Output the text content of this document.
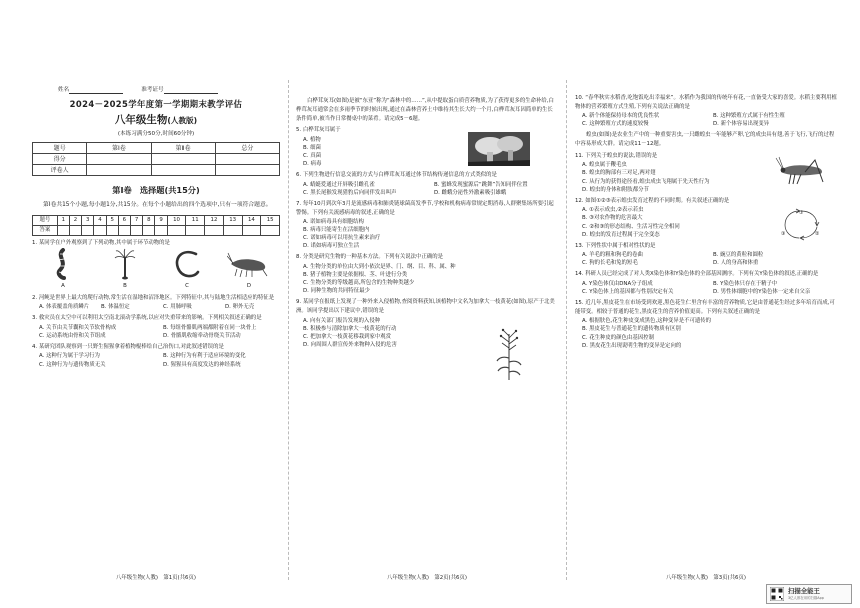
姓名	准考证号
2024－2025学年度第一学期期末教学评估
八年级生物(人教版)
(本练习满分50分,时间60分钟)
题号	第Ⅰ卷	第Ⅱ卷	总分
得分			
评卷人			
第Ⅰ卷　选择题(共15分)
第Ⅰ卷共15个小题,每小题1分,共15分。在每个小题给出的四个选项中,只有一项符合题意。
题号	1	2	3	4	5	6	7	8	9	10	11	12	13	14	15
答案															
1. 某同学在户外观察到了下列动物,其中属于环节动物的是
A	B	C	D
2. 河鲀是世界上最大的爬行动物,常生活在湿地和沼泽地区。下列特征中,其与陆地生活相适应的特征是
A. 体表覆盖角质鳞片	B. 体温恒定	C. 用肺呼吸	D. 卵外无壳
3. 救灾员在太空中可以利用太空南北滚动学系统,以应对失重带来的影响。下列相关叙述正确的是
A. 关节由关节囊和关节软骨构成	B. 每组骨骼肌两端都附着在同一块骨上
C. 运动系统由骨和关节组成	D. 骨骼肌收缩牵动骨绕关节活动
4. 某研究团队观察到一只野生猩猩拿着植物棍棒给自己治伤口,对此叙述错误的是
A. 这种行为属于学习行为	B. 这种行为有利于适应环境的变化
C. 这种行为与遗传物质无关	D. 猩猩具有高度发达的神经系统
八年级生物(人教)　第1页(共6页)
白桦茸灰耳(如图)是被“东亚”称为“森林中的……”,从中提取蛋白质营养物质,为了获得更多的生命补给,白桦茸灰耳通常会在多雨季节的时候出现,通过在森林营养土中维持其生长大约一个月,白桦茸灰耳因简单的生长条件简单,被当作日常餐桌中的菜肴。请完成5－6题。
5. 白桦茸灰耳属于
A. 植物
B. 细菌
C. 真菌
D. 病毒
6. 下列生物进行信息交流的方式与白桦茸灰耳通过体节结构传递信息的方式类似的是
A. 蜻蜓爱通过开屏吸引雌孔雀	B. 蜜蜂发现蜜源后“跳舞”告知同伴位置
C. 黑长尾猴发现猎豹后向同伴发出叫声	D. 雌蛾分泌性外激素吸引雄蛾
7. 每年10月到次年3月是流感病毒和肺炎链球菌高发季节,学校和机构病毒常规定期消毒,人群聚集场所要引起警惕。下列有关流感病毒的叙述,正确的是
A. 诺如病毒具有细胞结构
B. 病毒只能寄生在活细胞内
C. 诺如病毒可以用抗生素来治疗
D. 诺如病毒可独立生活
8. 分类是研究生物的一种基本方法。下列有关说法中正确的是
A. 生物分类的单位由大到小依次是界、门、纲、目、科、属、种
B. 猪子植物主要是依据根、茎、叶进行分类
C. 生物分类的等级越高,所包含的生物种类越少
D. 同种生物的共同特征最少
9. 某同学在报纸上发现了一种外来入侵植物,查阅资料获知,该植物中文名为加拿大一枝黄花(如图),原产于北美洲。该同学提出以下建议中,错误的是
A. 向有关部门报告发现的入侵种
B. 积极参与清除加拿大一枝黄花的行动
C. 把加拿大一枝黄花移栽到家中观赏
D. 向周围人群宣传外来物种入侵的危害
八年级生物(人教)　第2页(共6页)
10. “春华秋实水稻香,吃饱饭吃出幸福来”。水稻作为我国的传统年有花,一直备受大家的喜爱。水稻主要利用植物体的营养繁殖方式生殖,下列有关说法正确的是
A. 新个体能保持母本的优良性状	B. 这种繁殖方式属于有性生殖
C. 这种繁殖方式的速度较慢	D. 新个体容易出现变异
蝗虫(如图)是农业生产中的一种重要害虫,一只雌蝗虫一年能够产卵,它的成虫具有翅,善于飞行,飞行的过程中容易形成大群。请完成11－12题。
11. 下列关于蝗虫的说法,错误的是
A. 蝗虫属于鞭毛虫
B. 蝗虫的胸部有三对足,两对翅
C. 从行为的获得途径看,蝗虫成虫飞翔属于先天性行为
D. 蝗虫的身体和附肢都分节
①
②
③
12. 如图①②③表示蝗虫发育过程的不同时期。有关叙述正确的是
A. ①表示成虫,②表示若虫
B. ③对农作物的危害最大
C. ②和③的形态结构、生活习性完全相同
D. 蝗虫的发育过程属于完全变态
13. 下列性状中属于相对性状的是
A. 羊毛的粗和狗毛的卷曲	B. 豌豆的黄粒和圆粒
C. 狗的长毛和兔的短毛	D. 人的身高和体重
14. 科研人员已经完成了对人类X染色体和Y染色体的全部基因测序。下列有关Y染色体的叙述,正确的是
A. Y染色体仅由DNA分子组成	B. Y染色体只存在于精子中
C. Y染色体上的基因都与性别决定有关	D. 男性体细胞中的Y染色体一定来自父亲
15. 近几年,黑皮花生在市场受到欢迎,黑色花生仁里含有丰富的营养物质,它是由普通花生经过多年培育而成,可能带变。相较于普通的花生,黑皮花生的营养价值更高。下列有关叙述正确的是
A. 根据肤色,花生种皮变成黑色,这种变异是不可遗传的
B. 黑皮花生与普通花生的遗传物质有区别
C. 花生种皮的颜色由基因控制
D. 黑皮花生出现说明生物的变异是定向的
八年级生物(人教)　第3页(共6页)
扫描全能王
3亿人都在用的扫描App
